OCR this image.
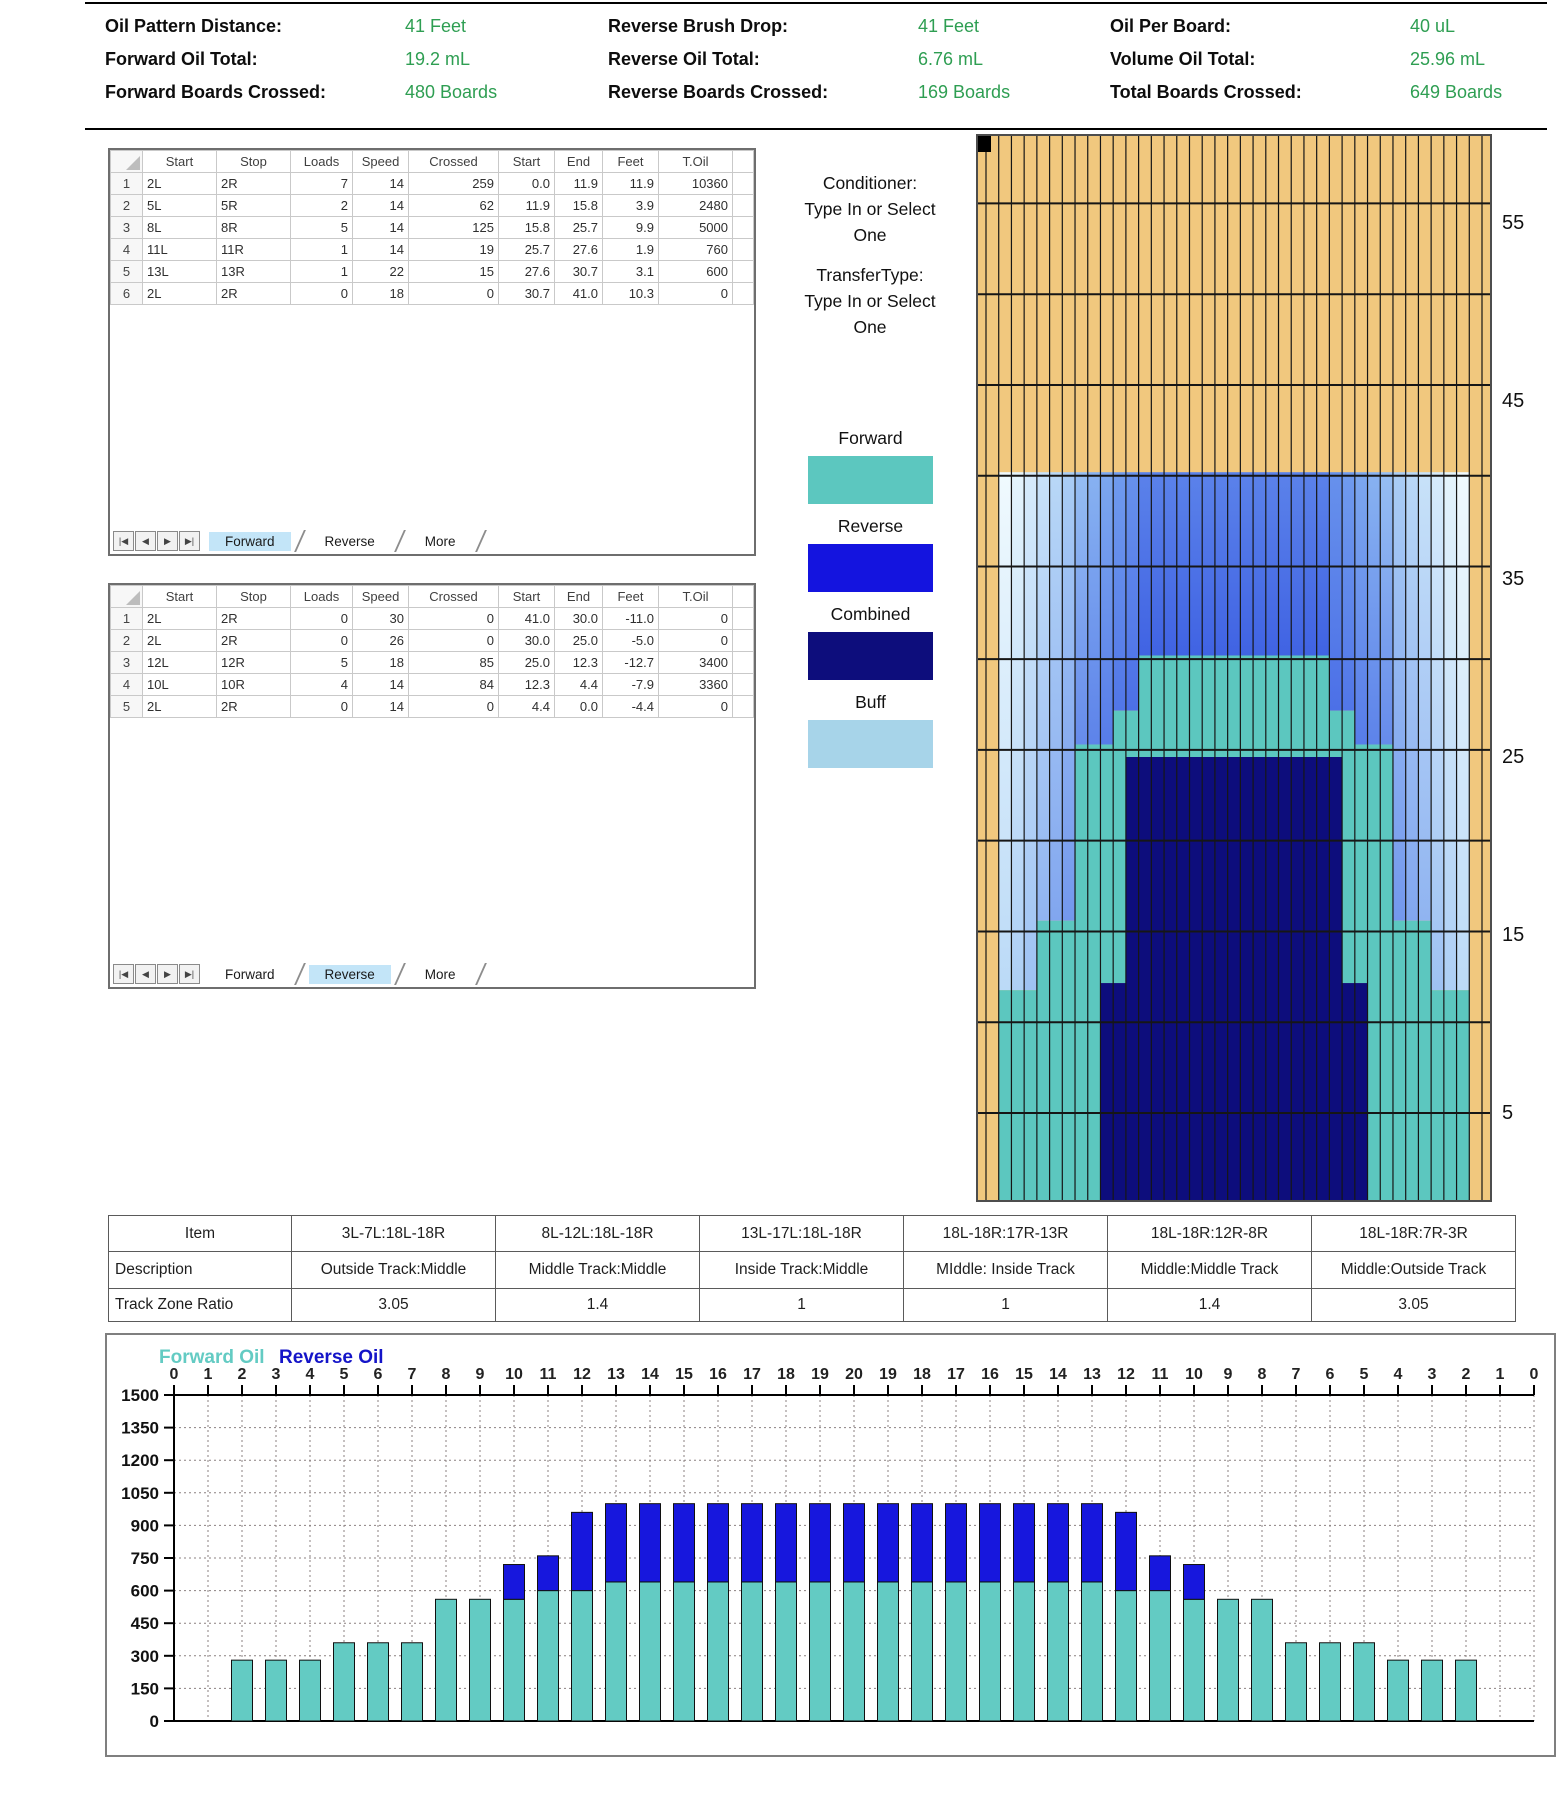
Oil Pattern Distance:	41 Feet
Forward Oil Total:	19.2 mL
Forward Boards Crossed:	480 Boards
Reverse Brush Drop:	41 Feet
Reverse Oil Total:	6.76 mL
Reverse Boards Crossed:	169 Boards
Oil Per Board:	40 uL
Volume Oil Total:	25.96 mL
Total Boards Crossed:	649 Boards
	Start	Stop	Loads	Speed	Crossed	Start	End	Feet	T.Oil	
1	2L	2R	7	14	259	0.0	11.9	11.9	10360	
2	5L	5R	2	14	62	11.9	15.8	3.9	2480	
3	8L	8R	5	14	125	15.8	25.7	9.9	5000	
4	11L	11R	1	14	19	25.7	27.6	1.9	760	
5	13L	13R	1	22	15	27.6	30.7	3.1	600	
6	2L	2R	0	18	0	30.7	41.0	10.3	0	
|◀	◀	▶	▶|	Forward	Reverse	More
	Start	Stop	Loads	Speed	Crossed	Start	End	Feet	T.Oil	
1	2L	2R	0	30	0	41.0	30.0	-11.0	0	
2	2L	2R	0	26	0	30.0	25.0	-5.0	0	
3	12L	12R	5	18	85	25.0	12.3	-12.7	3400	
4	10L	10R	4	14	84	12.3	4.4	-7.9	3360	
5	2L	2R	0	14	0	4.4	0.0	-4.4	0	
|◀	◀	▶	▶|	Forward	Reverse	More
Conditioner:
Type In or Select
One
TransferType:
Type In or Select
One
Forward
Reverse
Combined
Buff
55
45
35
25
15
5
Item	3L-7L:18L-18R	8L-12L:18L-18R	13L-17L:18L-18R	18L-18R:17R-13R	18L-18R:12R-8R	18L-18R:7R-3R
Description	Outside Track:Middle	Middle Track:Middle	Inside Track:Middle	MIddle: Inside Track	Middle:Middle Track	Middle:Outside Track
Track Zone Ratio	3.05	1.4	1	1	1.4	3.05
Forward Oil Reverse Oil
0
150
300
450
600
750
900
1050
1200
1350
1500
0 1 2 3 4 5 6 7 8 9 10 11 12 13 14 15 16 17 18 19 20 19 18 17 16 15 14 13 12 11 10 9 8 7 6 5 4 3 2 1 0
